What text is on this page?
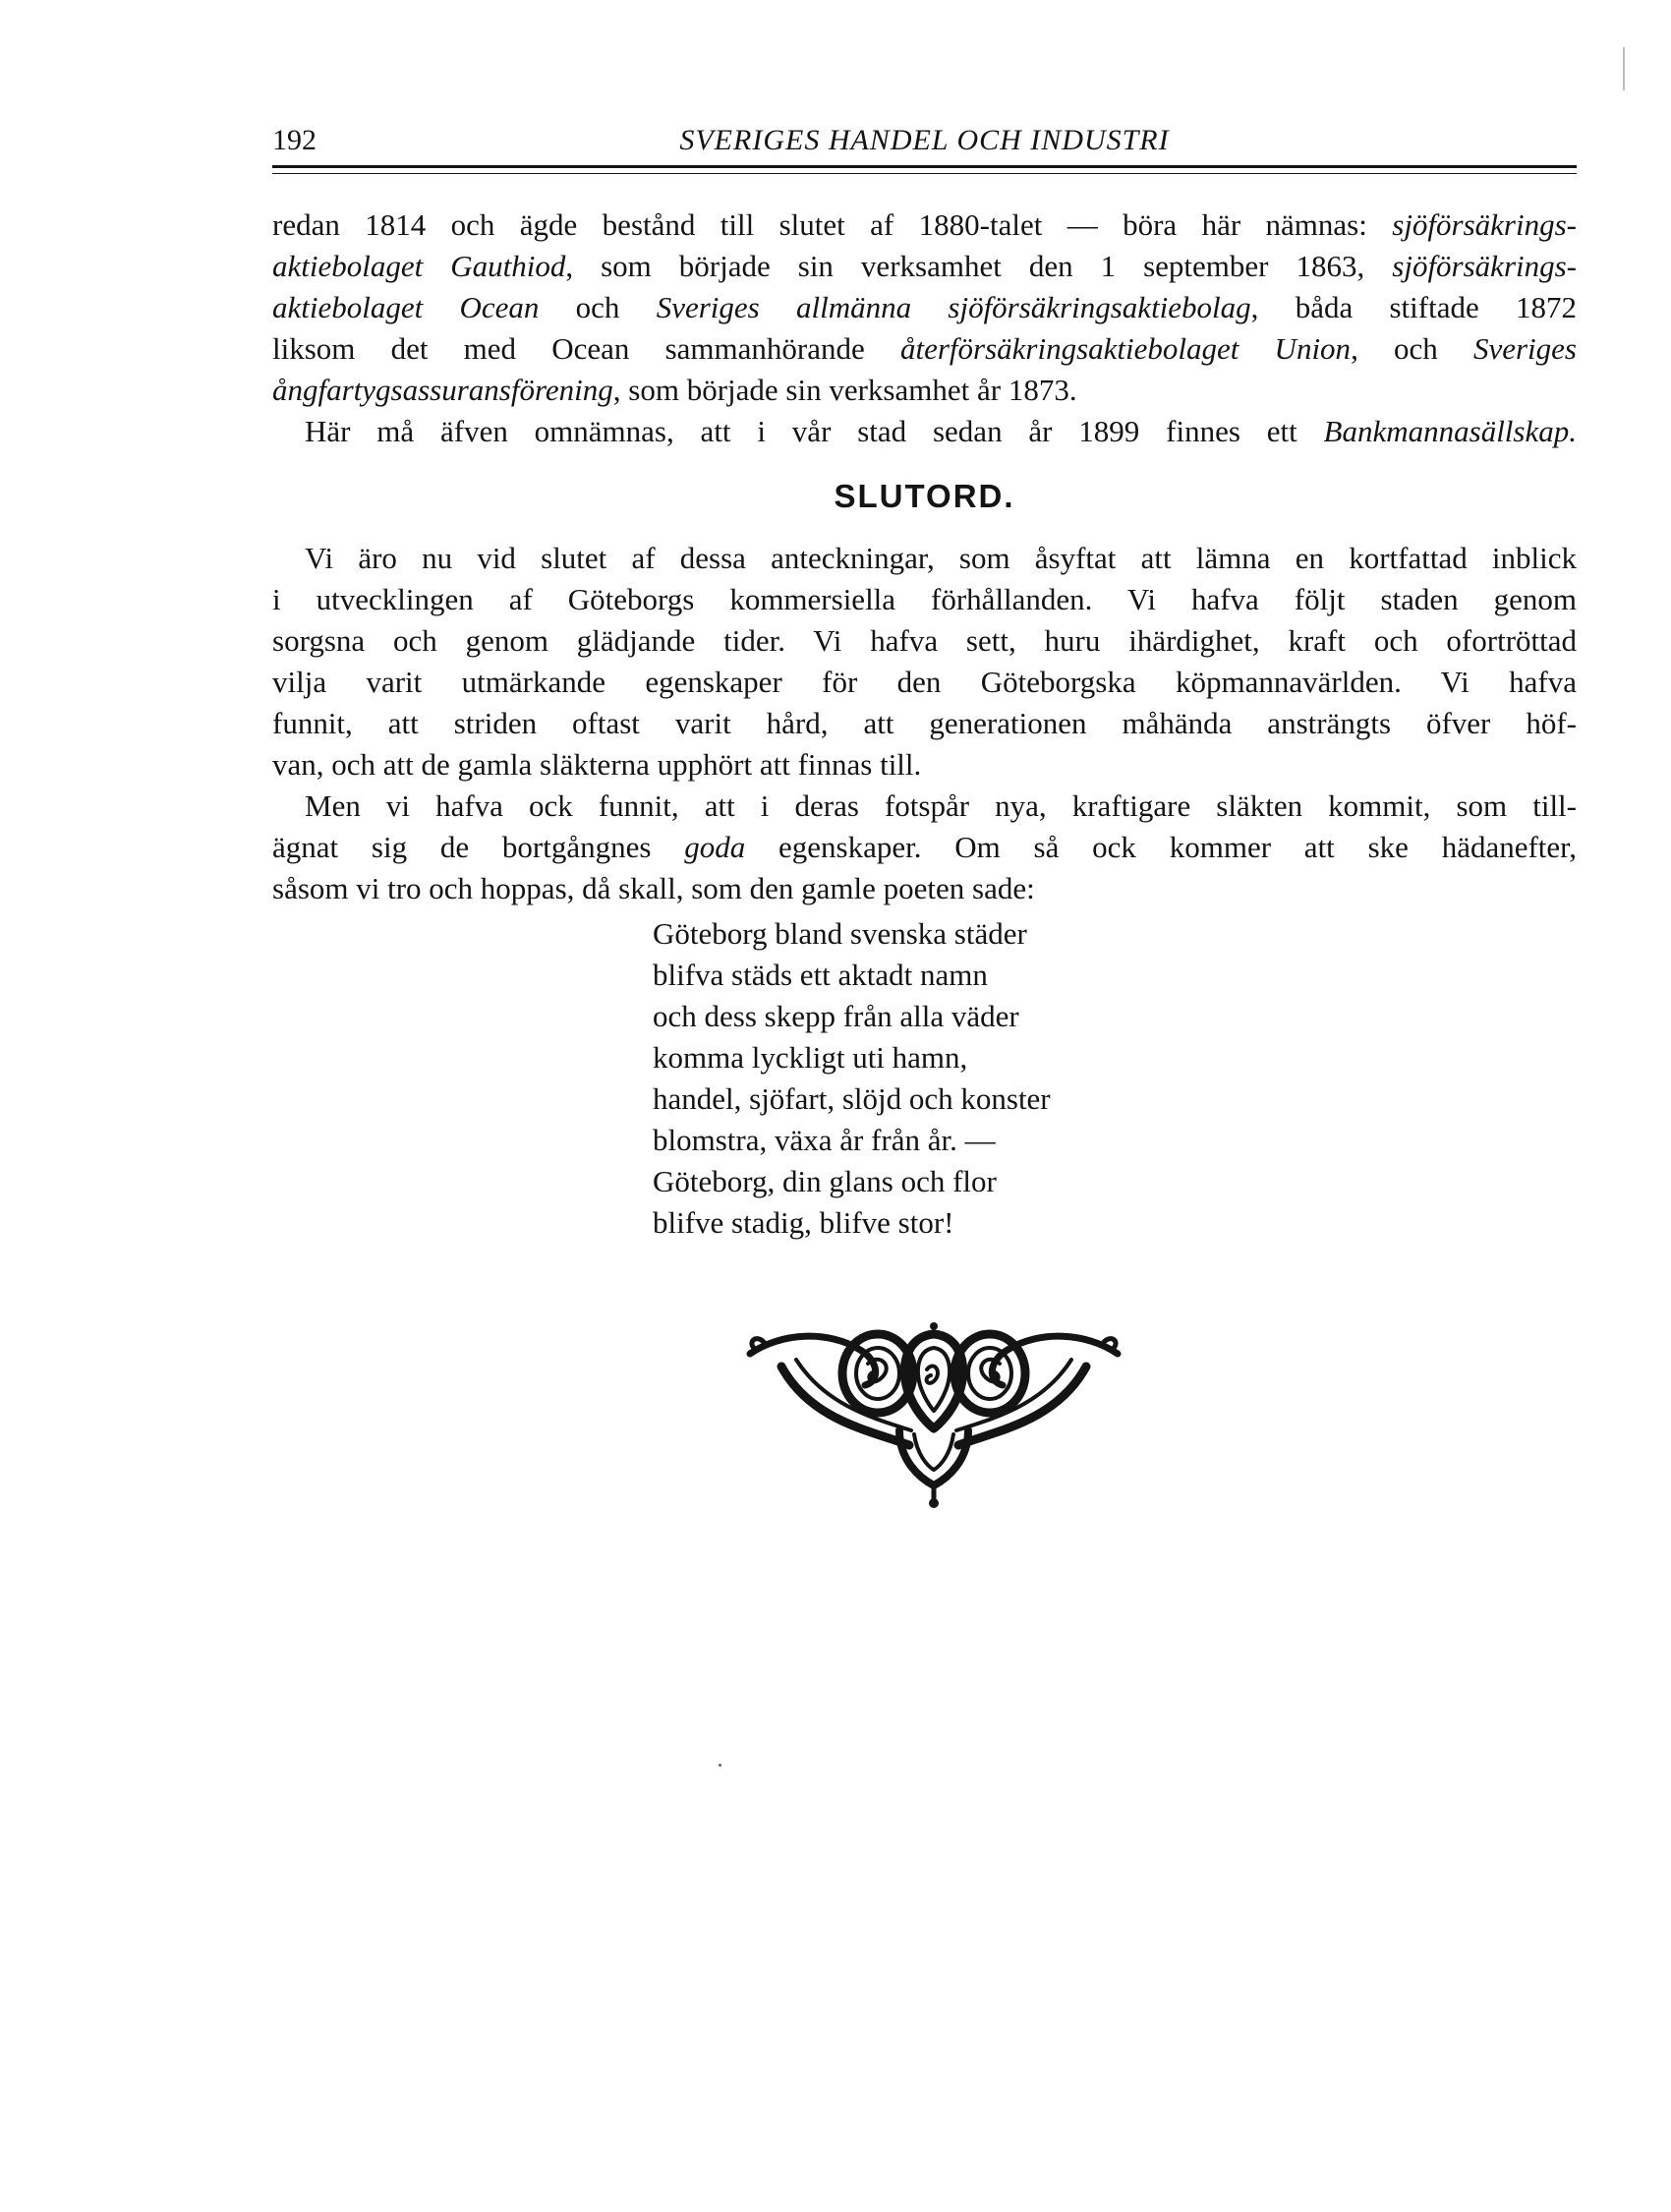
192	SVERIGES HANDEL OCH INDUSTRI
redan 1814 och ägde bestånd till slutet af 1880-talet — böra här nämnas: sjöförsäkrings-
aktiebolaget Gauthiod, som började sin verksamhet den 1 september 1863, sjöförsäkrings-
aktiebolaget Ocean och Sveriges allmänna sjöförsäkringsaktiebolag, båda stiftade 1872
liksom det med Ocean sammanhörande återförsäkringsaktiebolaget Union, och Sveriges
ångfartygsassuransförening, som började sin verksamhet år 1873.
Här må äfven omnämnas, att i vår stad sedan år 1899 finnes ett Bankmannasällskap.
SLUTORD.
Vi äro nu vid slutet af dessa anteckningar, som åsyftat att lämna en kortfattad inblick
i utvecklingen af Göteborgs kommersiella förhållanden. Vi hafva följt staden genom
sorgsna och genom glädjande tider. Vi hafva sett, huru ihärdighet, kraft och ofortröttad
vilja varit utmärkande egenskaper för den Göteborgska köpmannavärlden. Vi hafva
funnit, att striden oftast varit hård, att generationen måhända ansträngts öfver höf-
van, och att de gamla släkterna upphört att finnas till.
Men vi hafva ock funnit, att i deras fotspår nya, kraftigare släkten kommit, som till-
ägnat sig de bortgångnes goda egenskaper. Om så ock kommer att ske hädanefter,
såsom vi tro och hoppas, då skall, som den gamle poeten sade:
Göteborg bland svenska städer
blifva städs ett aktadt namn
och dess skepp från alla väder
komma lyckligt uti hamn,
handel, sjöfart, slöjd och konster
blomstra, växa år från år. —
Göteborg, din glans och flor
blifve stadig, blifve stor!
